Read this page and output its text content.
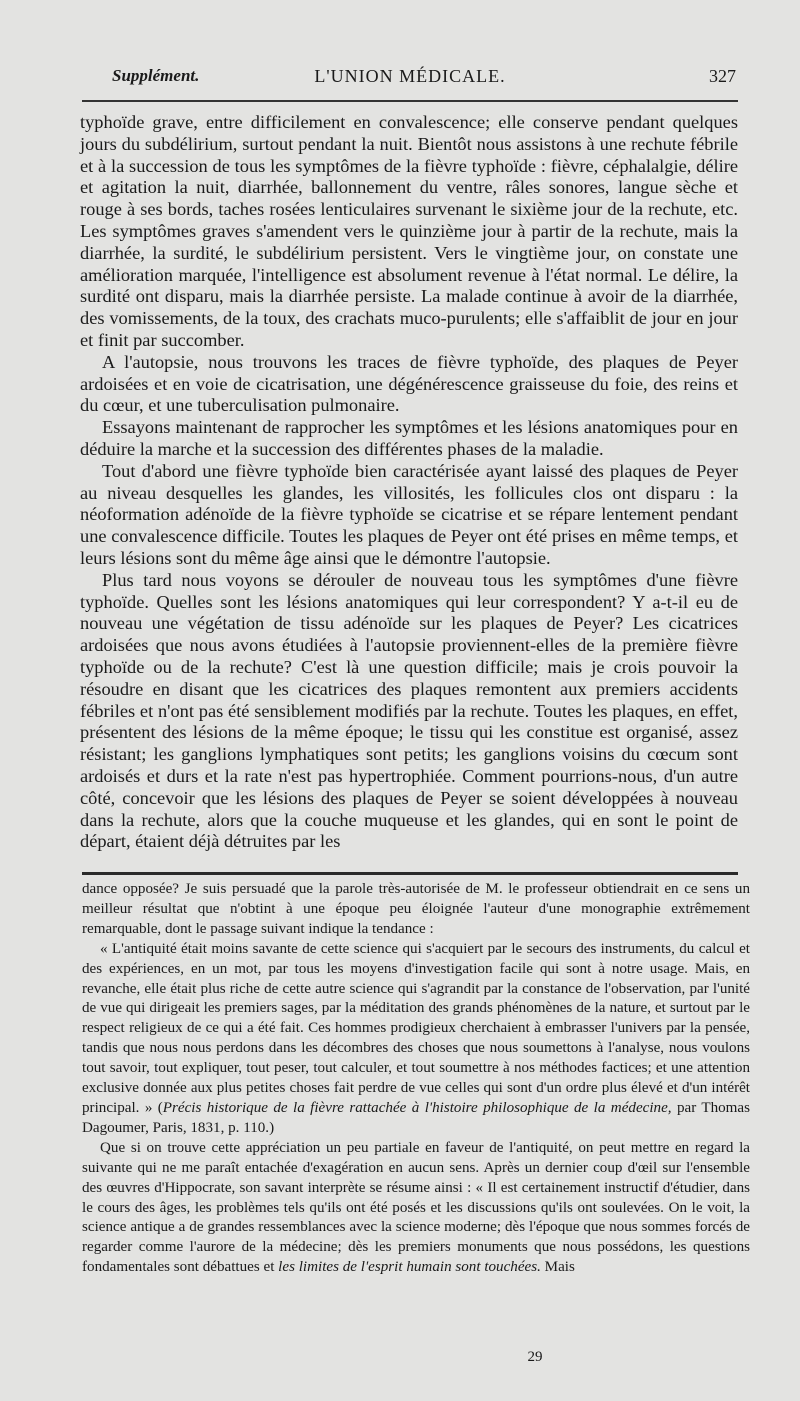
Supplément.	L'UNION MÉDICALE.	327

typhoïde grave, entre difficilement en convalescence; elle conserve pendant quelques jours du subdélirium, surtout pendant la nuit. Bientôt nous assistons à une rechute fébrile et à la succession de tous les symptômes de la fièvre typhoïde : fièvre, céphalalgie, délire et agitation la nuit, diarrhée, ballonnement du ventre, râles sonores, langue sèche et rouge à ses bords, taches rosées lenticulaires survenant le sixième jour de la rechute, etc. Les symptômes graves s'amendent vers le quinzième jour à partir de la rechute, mais la diarrhée, la surdité, le subdélirium persistent. Vers le vingtième jour, on constate une amélioration marquée, l'intelligence est absolument revenue à l'état normal. Le délire, la surdité ont disparu, mais la diarrhée persiste. La malade continue à avoir de la diarrhée, des vomissements, de la toux, des crachats muco-purulents; elle s'affaiblit de jour en jour et finit par succomber.

A l'autopsie, nous trouvons les traces de fièvre typhoïde, des plaques de Peyer ardoisées et en voie de cicatrisation, une dégénérescence graisseuse du foie, des reins et du cœur, et une tuberculisation pulmonaire.

Essayons maintenant de rapprocher les symptômes et les lésions anatomiques pour en déduire la marche et la succession des différentes phases de la maladie.

Tout d'abord une fièvre typhoïde bien caractérisée ayant laissé des plaques de Peyer au niveau desquelles les glandes, les villosités, les follicules clos ont disparu : la néoformation adénoïde de la fièvre typhoïde se cicatrise et se répare lentement pendant une convalescence difficile. Toutes les plaques de Peyer ont été prises en même temps, et leurs lésions sont du même âge ainsi que le démontre l'autopsie.

Plus tard nous voyons se dérouler de nouveau tous les symptômes d'une fièvre typhoïde. Quelles sont les lésions anatomiques qui leur correspondent? Y a-t-il eu de nouveau une végétation de tissu adénoïde sur les plaques de Peyer? Les cicatrices ardoisées que nous avons étudiées à l'autopsie proviennent-elles de la première fièvre typhoïde ou de la rechute? C'est là une question difficile; mais je crois pouvoir la résoudre en disant que les cicatrices des plaques remontent aux premiers accidents fébriles et n'ont pas été sensiblement modifiés par la rechute. Toutes les plaques, en effet, présentent des lésions de la même époque; le tissu qui les constitue est organisé, assez résistant; les ganglions lymphatiques sont petits; les ganglions voisins du cœcum sont ardoisés et durs et la rate n'est pas hypertrophiée. Comment pourrions-nous, d'un autre côté, concevoir que les lésions des plaques de Peyer se soient développées à nouveau dans la rechute, alors que la couche muqueuse et les glandes, qui en sont le point de départ, étaient déjà détruites par les

dance opposée? Je suis persuadé que la parole très-autorisée de M. le professeur obtiendrait en ce sens un meilleur résultat que n'obtint à une époque peu éloignée l'auteur d'une monographie extrêmement remarquable, dont le passage suivant indique la tendance :

« L'antiquité était moins savante de cette science qui s'acquiert par le secours des instruments, du calcul et des expériences, en un mot, par tous les moyens d'investigation facile qui sont à notre usage. Mais, en revanche, elle était plus riche de cette autre science qui s'agrandit par la constance de l'observation, par l'unité de vue qui dirigeait les premiers sages, par la méditation des grands phénomènes de la nature, et surtout par le respect religieux de ce qui a été fait. Ces hommes prodigieux cherchaient à embrasser l'univers par la pensée, tandis que nous nous perdons dans les décombres des choses que nous soumettons à l'analyse, nous voulons tout savoir, tout expliquer, tout peser, tout calculer, et tout soumettre à nos méthodes factices; et une attention exclusive donnée aux plus petites choses fait perdre de vue celles qui sont d'un ordre plus élevé et d'un intérêt principal. » (Précis historique de la fièvre rattachée à l'histoire philosophique de la médecine, par Thomas Dagoumer, Paris, 1831, p. 110.)

Que si on trouve cette appréciation un peu partiale en faveur de l'antiquité, on peut mettre en regard la suivante qui ne me paraît entachée d'exagération en aucun sens. Après un dernier coup d'œil sur l'ensemble des œuvres d'Hippocrate, son savant interprète se résume ainsi : « Il est certainement instructif d'étudier, dans le cours des âges, les problèmes tels qu'ils ont été posés et les discussions qu'ils ont soulevées. On le voit, la science antique a de grandes ressemblances avec la science moderne; dès l'époque que nous sommes forcés de regarder comme l'aurore de la médecine; dès les premiers monuments que nous possédons, les questions fondamentales sont débattues et les limites de l'esprit humain sont touchées. Mais

29
